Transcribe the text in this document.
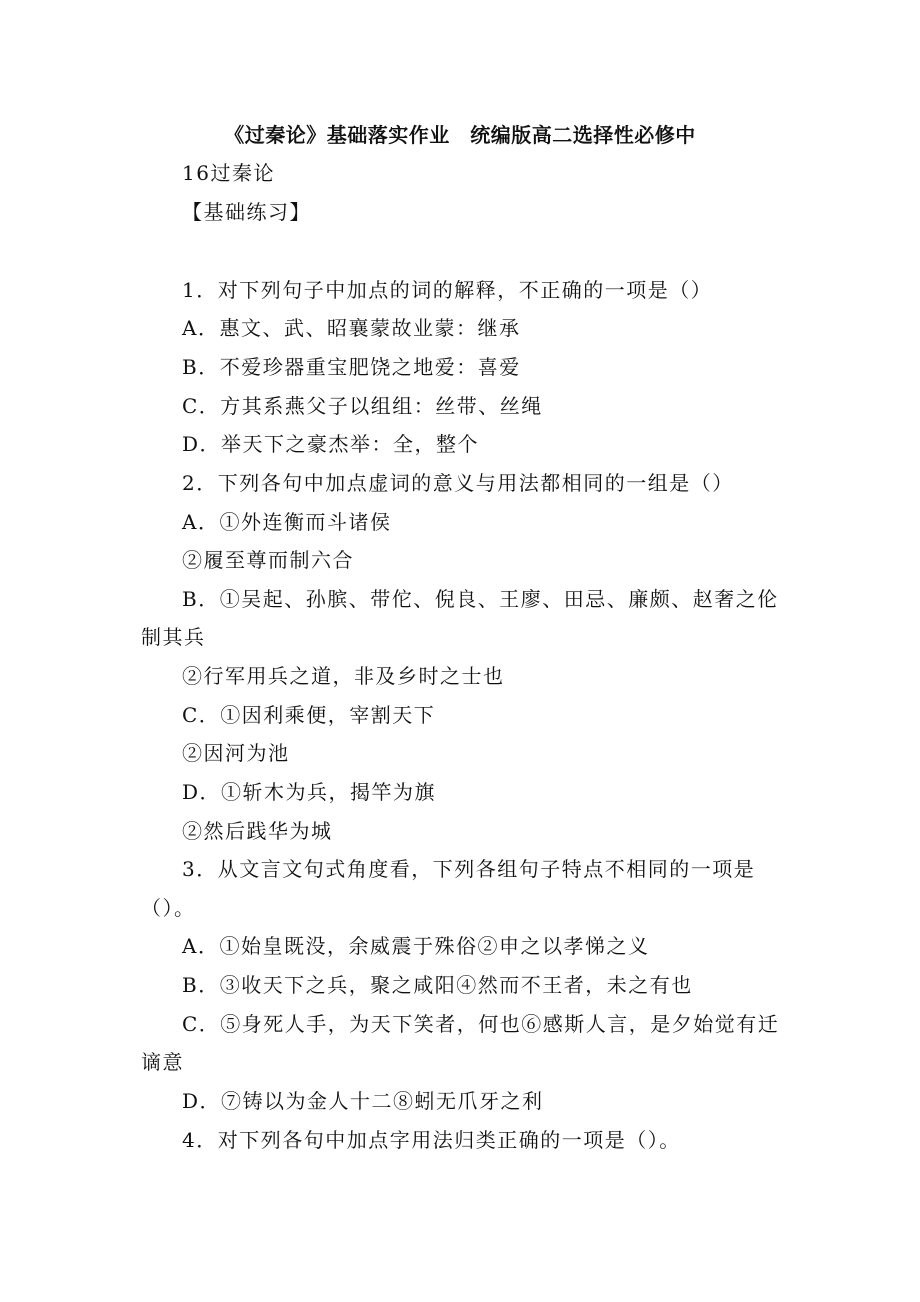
《过秦论》基础落实作业　统编版高二选择性必修中
16过秦论
【基础练习】
1．对下列句子中加点的词的解释，不正确的一项是（）
A．惠文、武、昭襄蒙故业蒙：继承
B．不爱珍器重宝肥饶之地爱：喜爱
C．方其系燕父子以组组：丝带、丝绳
D．举天下之豪杰举：全，整个
2．下列各句中加点虚词的意义与用法都相同的一组是（）
A．①外连衡而斗诸侯
②履至尊而制六合
B．①吴起、孙膑、带佗、倪良、王廖、田忌、廉颇、赵奢之伦
制其兵
②行军用兵之道，非及乡时之士也
C．①因利乘便，宰割天下
②因河为池
D．①斩木为兵，揭竿为旗
②然后践华为城
3．从文言文句式角度看，下列各组句子特点不相同的一项是
（）。
A．①始皇既没，余威震于殊俗②申之以孝悌之义
B．③收天下之兵，聚之咸阳④然而不王者，未之有也
C．⑤身死人手，为天下笑者，何也⑥感斯人言，是夕始觉有迁
谪意
D．⑦铸以为金人十二⑧蚓无爪牙之利
4．对下列各句中加点字用法归类正确的一项是（）。
